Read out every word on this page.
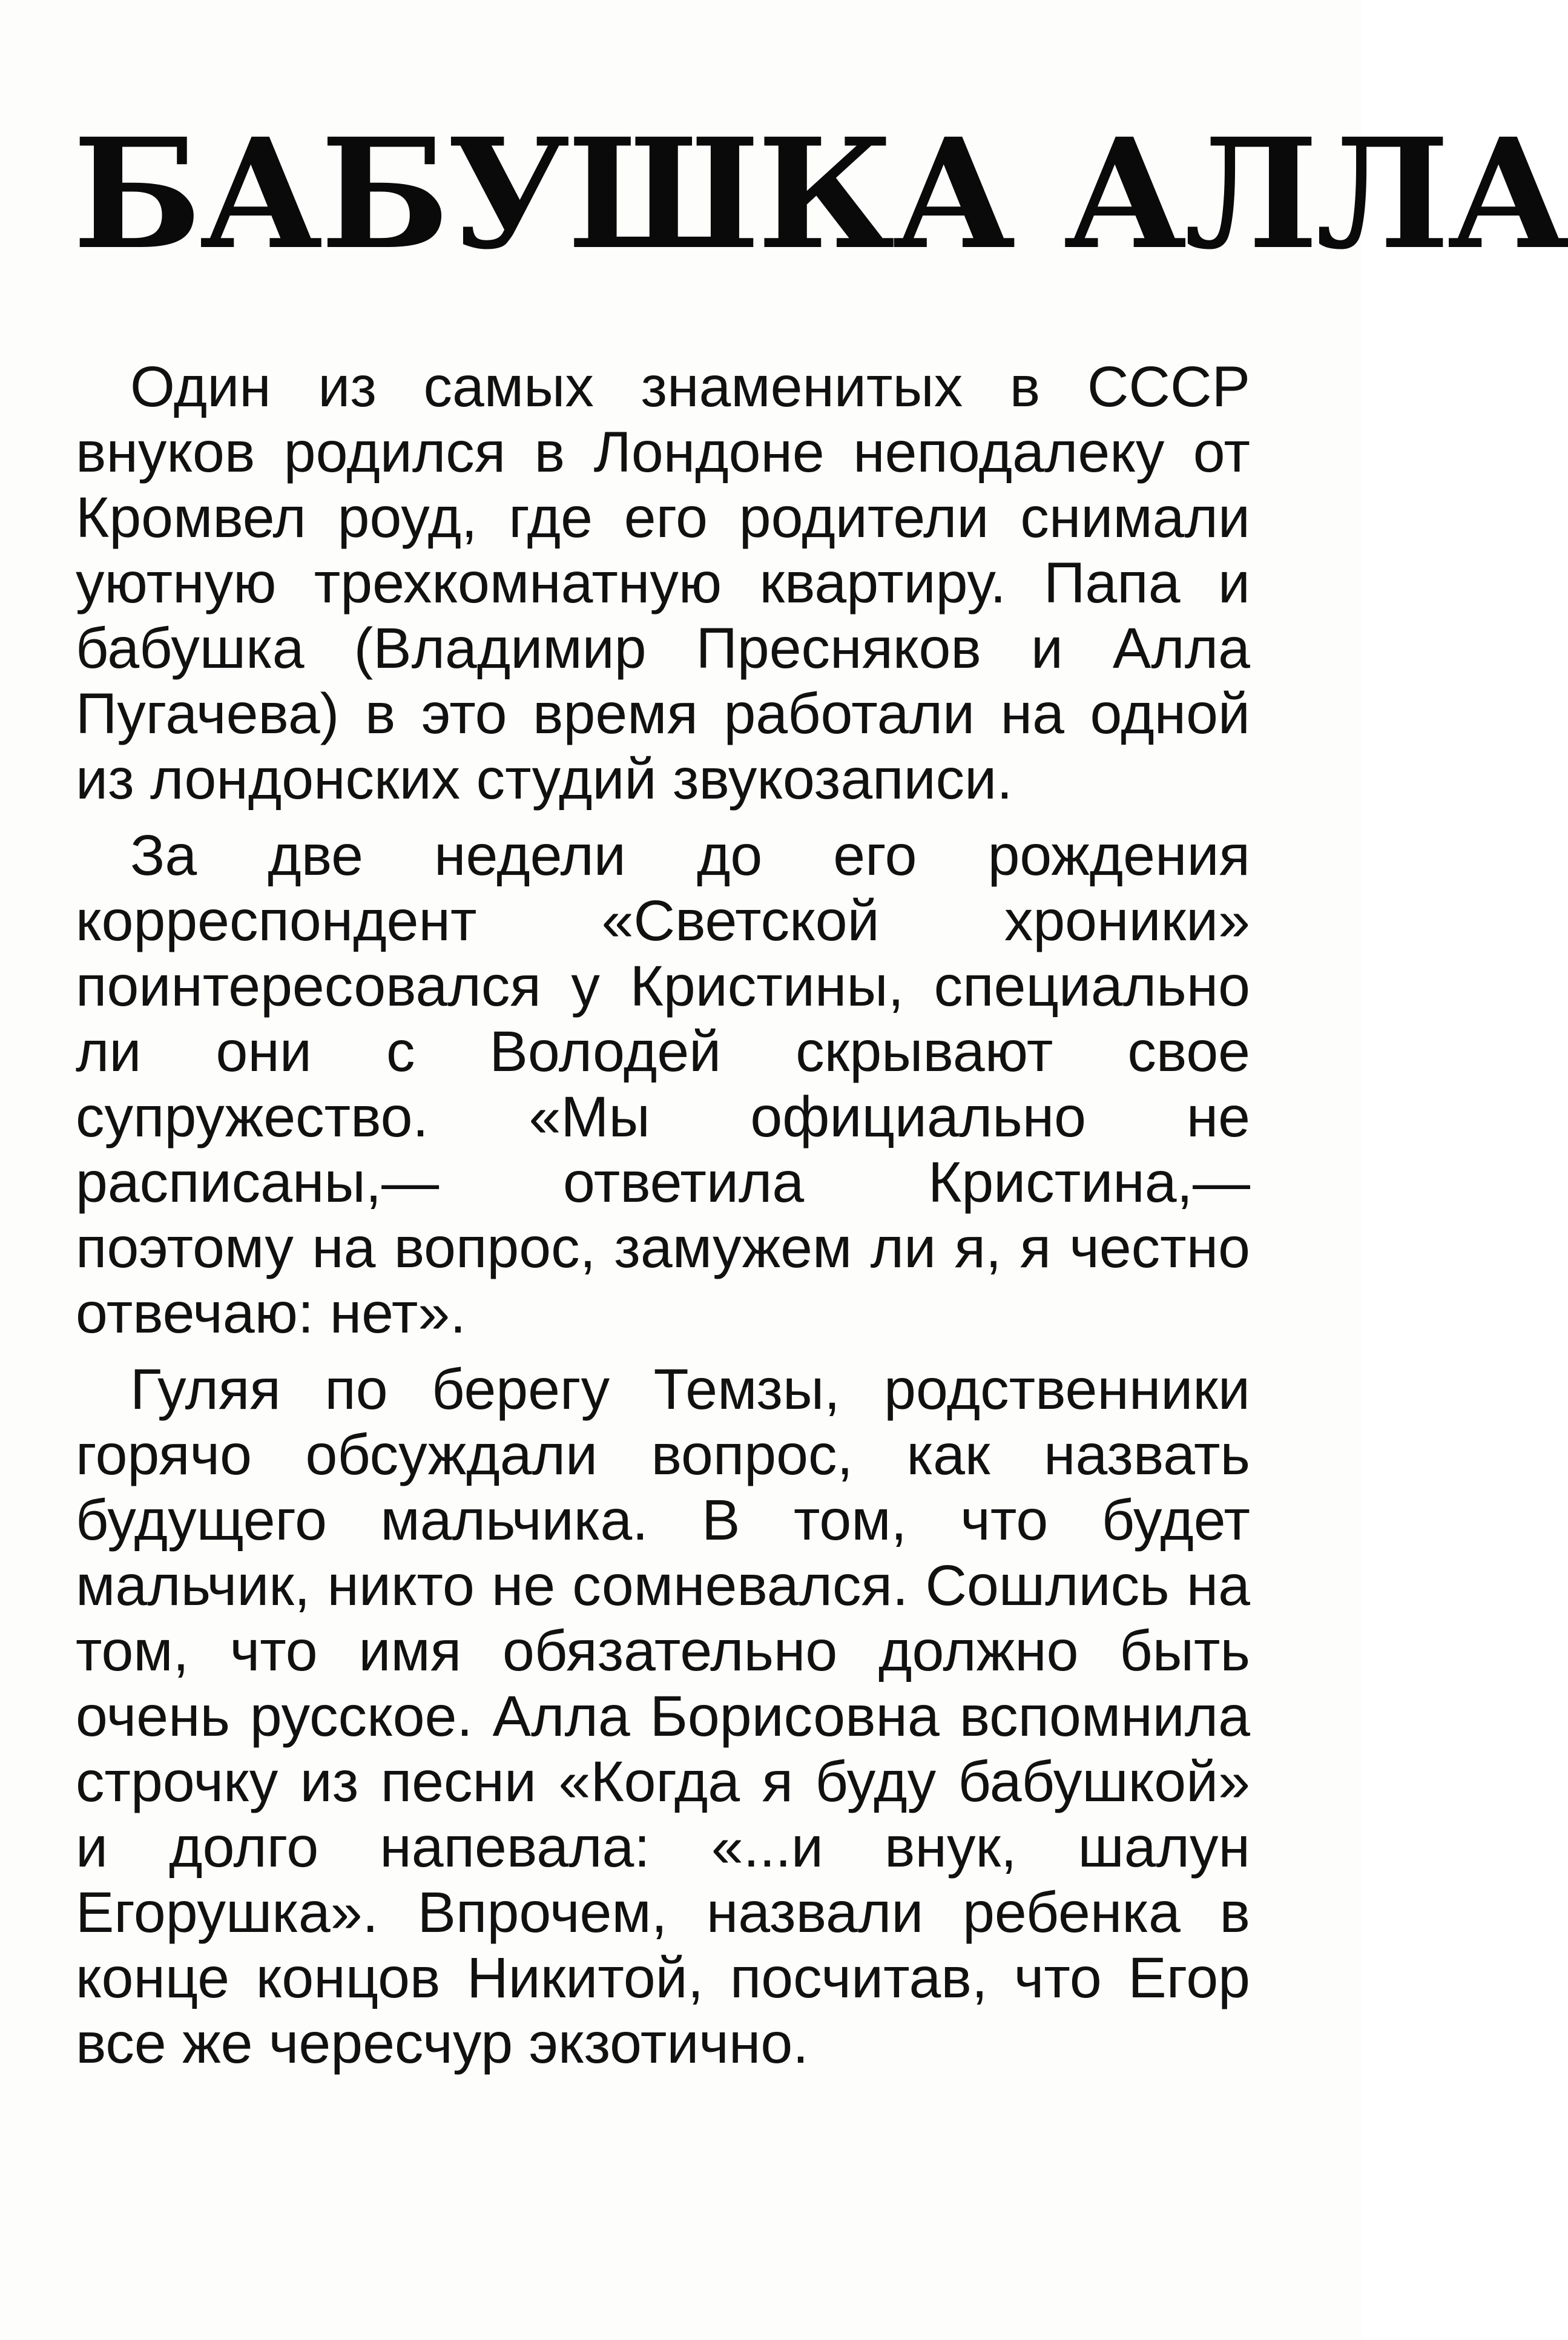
БАБУШКА АЛЛА

Один из самых знаменитых в СССР внуков родился в Лондоне неподалеку от Кромвел роуд, где его родители снимали уютную трехкомнатную квартиру. Папа и бабушка (Владимир Пресняков и Алла Пугачева) в это время работали на одной из лондонских студий звукозаписи.

За две недели до его рождения корреспондент «Светской хроники» поинтересовался у Кристины, специально ли они с Володей скрывают свое супружество. «Мы официально не расписаны,— ответила Кристина,— поэтому на вопрос, замужем ли я, я честно отвечаю: нет».

Гуляя по берегу Темзы, родственники горячо обсуждали вопрос, как назвать будущего мальчика. В том, что будет мальчик, никто не сомневался. Сошлись на том, что имя обязательно должно быть очень русское. Алла Борисовна вспомнила строчку из песни «Когда я буду бабушкой» и долго напевала: «...и внук, шалун Егорушка». Впрочем, назвали ребенка в конце концов Никитой, посчитав, что Егор все же чересчур экзотично.
